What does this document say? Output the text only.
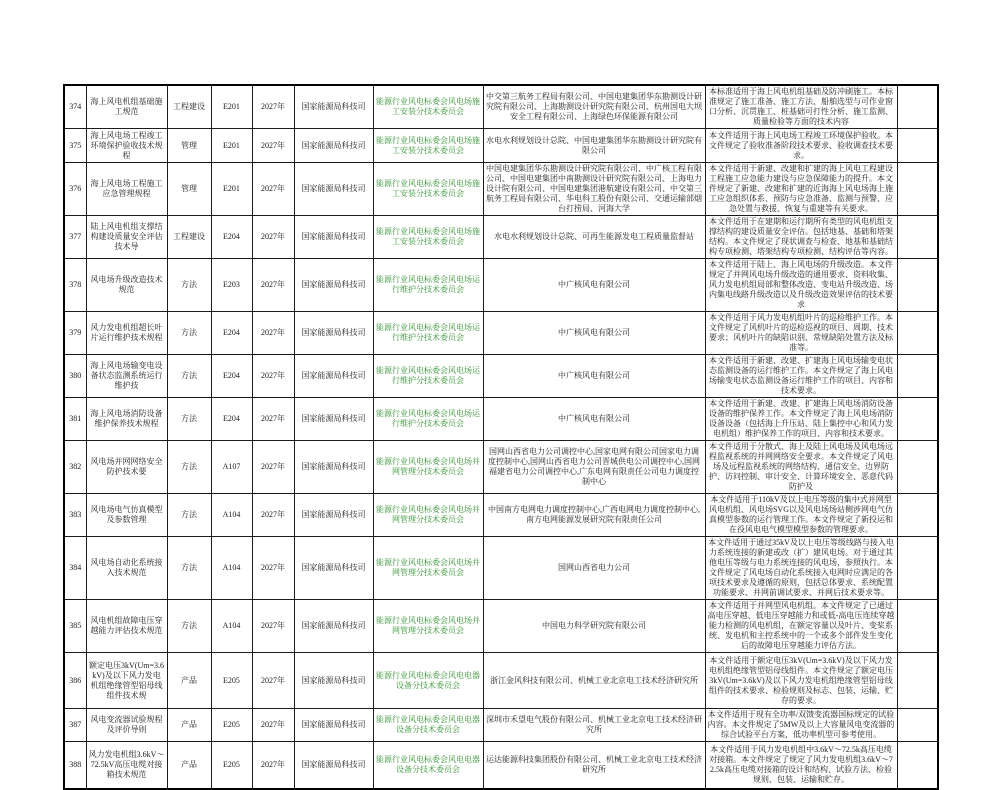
374	海上风电机组基础施工规范	工程建设	E201	2027年	国家能源局科技司	能源行业风电标委会风电场施工安装分技术委员会	中交第三航务工程局有限公司、中国电建集团华东勘测设计研究院有限公司、上海勘测设计研究院有限公司、杭州国电大坝安全工程有限公司、上海绿色环保能源有限公司	本标准适用于海上风电机组基础及防冲刷施工。本标准规定了施工准备、施工方法、船舶选型与可作业窗口分析、沉贯施工、桩基础可打性分析、施工监测、质量检验等方面的技术内容	
375	海上风电场工程竣工环境保护验收技术规程	管理	E201	2027年	国家能源局科技司	能源行业风电标委会风电场施工安装分技术委员会	水电水利规划设计总院、中国电建集团华东勘测设计研究院有限公司	本文件适用于海上风电场工程竣工环境保护验收。本文件规定了验收准备阶段技术要求、验收调查技术要求。	
376	海上风电场工程施工应急管理规程	管理	E201	2027年	国家能源局科技司	能源行业风电标委会风电场施工安装分技术委员会	中国电建集团华东勘测设计研究院有限公司、中广核工程有限公司、中国电建集团中南勘测设计研究院有限公司、上海电力设计院有限公司、中国电建集团港航建设有限公司、中交第三航务工程局有限公司、华电科工股份有限公司、交通运输部烟台打捞局、河海大学	本文件适用于新建、改建和扩建的海上风电工程建设工程施工应急能力建设与应急保障能力的提升。本文件规定了新建、改建和扩建的近海海上风电场海上施工应急组织体系、预防与应急准备、监测与预警、应急处置与救援、恢复与重建等有关要求。	
377	陆上风电机组支撑结构建设质量安全评估技术导	工程建设	E204	2027年	国家能源局科技司	能源行业风电标委会风电场施工安装分技术委员会	水电水利规划设计总院、可再生能源发电工程质量监督站	本文件适用于在建期和运行期所有类型的风电机组支撑结构的建设质量安全评估。包括地基、基础和塔架结构。本文件规定了现状调查与检查、地基和基础结构专项检测、塔架结构专项检测、结构评估等内容。	
378	风电场升级改造技术规范	方法	E203	2027年	国家能源局科技司	能源行业风电标委会风电场运行维护分技术委员会	中广核风电有限公司	本文件适用于陆上、海上风电场的升级改造。本文件规定了并网风电场升级改造的通用要求、资料收集、风力发电机组局部和整体改造、变电站升级改造、场内集电线路升级改造以及升级改造效果评估的技术要求	
379	风力发电机组超长叶片运行维护技术规程	方法	E204	2027年	国家能源局科技司	能源行业风电标委会风电场运行维护分技术委员会	中广核风电有限公司	本文件适用于风力发电机组叶片的巡检维护工作。本文件规定了风机叶片的巡检巡视的项目、周期、技术要求；风机叶片的缺陷识别、常规缺陷处置方法及标准等。	
380	海上风电场输变电设备状态监测系统运行维护技	方法	E204	2027年	国家能源局科技司	能源行业风电标委会风电场运行维护分技术委员会	中广核风电有限公司	本文件适用于新建、改建、扩建海上风电场输变电状态监测设备的运行维护工作。本文件规定了海上风电场输变电状态监测设备运行维护工作的项目、内容和技术要求。	
381	海上风电场消防设备维护保养技术规程	方法	E204	2027年	国家能源局科技司	能源行业风电标委会风电场运行维护分技术委员会	中广核风电有限公司	本文件适用于新建、改建、扩建海上风电场消防设备设备的维护保养工作。本文件规定了海上风电场消防设备设备（包括海上升压站、陆上集控中心和风力发电机组）维护保养工作的项目、内容和技术要求。	
382	风电场并网网络安全防护技术要	方法	A107	2027年	国家能源局科技司	能源行业风电标委会风电场并网管理分技术委员会	国网山西省电力公司调控中心,国家电网有限公司国家电力调度控制中心,国网山西省电力公司晋城供电公司调控中心,国网福建省电力公司调控中心,广东电网有限责任公司电力调度控制中心	本文件适用于分散式、海上及陆上风电场及风电场远程监视系统的并网网络安全要求。本文件规定了风电场及远程监视系统的网络结构、通信安全、边界防护、访问控制、审计安全、计算环境安全、恶意代码防护及	
383	风电场电气仿真模型及参数管理	方法	A104	2027年	国家能源局科技司	能源行业风电标委会风电场并网管理分技术委员会	中国南方电网电力调度控制中心,广西电网电力调度控制中心,南方电网能源发展研究院有限责任公司	本文件适用于110kV及以上电压等级的集中式并网型风电机组、风电场SVG以及风电场场站侧涉网电气仿真模型参数的运行管理工作。本文件规定了新投运和在役风电电气模型模型参数的管理要求。	
384	风电场自动化系统接入技术规范	方法	A104	2027年	国家能源局科技司	能源行业风电标委会风电场并网管理分技术委员会	国网山西省电力公司	本文件适用于通过35kV及以上电压等级线路与接入电力系统连接的新建或改（扩）建风电场。对于通过其他电压等级与电力系统连接的风电场，参照执行。本文件规定了风电场自动化系统接入电网时应满足的各项技术要求及遵循的原则，包括总体要求、系统配置功能要求、并网前调试要求、并网后技术要求等。	
385	风电机组故障电压穿越能力评估技术规范	方法	A104	2027年	国家能源局科技司	能源行业风电标委会风电场并网管理分技术委员会	中国电力科学研究院有限公司	本文件适用于并网型风电机组。本文件规定了已通过高电压穿越、低电压穿越能力和或低-高电压连续穿越能力检测的风电机组，在额定容量以及叶片、变桨系统、发电机和主控系统中的一个或多个部件发生变化后的故障电压穿越能力评估方法。	
386	额定电压3kV(Um=3.6kV)及以下风力发电机组绝缘管型铝母线组件技术规	产品	E205	2027年	国家能源局科技司	能源行业风电标委会风电电器设备分技术委员会	浙江金风科技有限公司、机械工业北京电工技术经济研究所	本文件适用于额定电压3kV(Um=3.6kV)及以下风力发电机组绝缘管型铝母线组件。本文件规定了额定电压3kV(Um=3.6kV)及以下风力发电机组绝缘管型铝母线组件的技术要求、检验规则及标志、包装、运输、贮存的要求。	
387	风电变流器试验规程及评价导则	产品	E205	2027年	国家能源局科技司	能源行业风电标委会风电电器设备分技术委员会	深圳市禾望电气股份有限公司、机械工业北京电工技术经济研究所	本文件适用于现有全功率/双馈变流器国标规定的试验内容。本文件规定了5MW及以上大容量风电变流器的综合试验平台方案，低功率机型可参考使用。	
388	风力发电机组3.6kV～72.5kV高压电缆对接箱技术规范	产品	E205	2027年	国家能源局科技司	能源行业风电标委会风电电器设备分技术委员会	运达能源科技集团股份有限公司、机械工业北京电工技术经济研究所	本文件适用于风力发电机组中3.6kV～72.5k高压电缆对接箱。本文件规定了规定了风力发电机组3.6kV～72.5k高压电缆对接箱的设计和结构、试验方法、检验规则、包装、运输和贮存。	
